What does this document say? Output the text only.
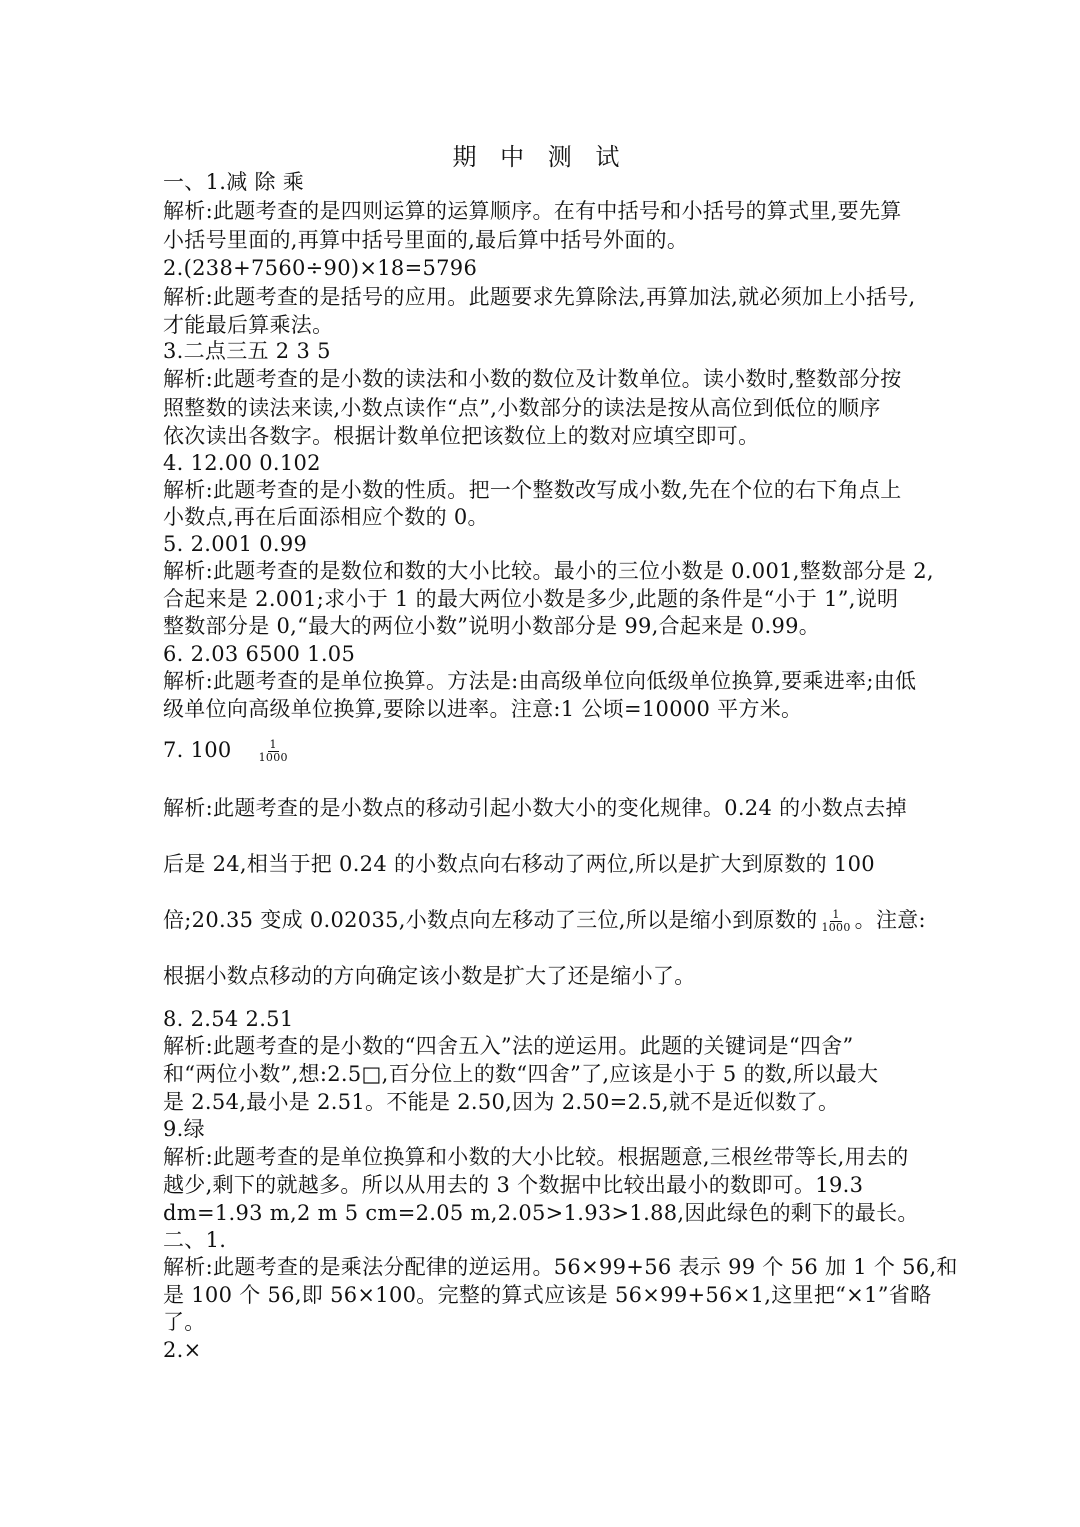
期 中 测 试
一、1.减 除 乘
解析:此题考查的是四则运算的运算顺序。在有中括号和小括号的算式里,要先算
小括号里面的,再算中括号里面的,最后算中括号外面的。
2.(238+7560÷90)×18=5796
解析:此题考查的是括号的应用。此题要求先算除法,再算加法,就必须加上小括号,
才能最后算乘法。
3.二点三五 2 3 5
解析:此题考查的是小数的读法和小数的数位及计数单位。读小数时,整数部分按
照整数的读法来读,小数点读作“点”,小数部分的读法是按从高位到低位的顺序
依次读出各数字。根据计数单位把该数位上的数对应填空即可。
4. 12.00 0.102
解析:此题考查的是小数的性质。把一个整数改写成小数,先在个位的右下角点上
小数点,再在后面添相应个数的 0。
5. 2.001 0.99
解析:此题考查的是数位和数的大小比较。最小的三位小数是 0.001,整数部分是 2,
合起来是 2.001;求小于 1 的最大两位小数是多少,此题的条件是“小于 1”,说明
整数部分是 0,“最大的两位小数”说明小数部分是 99,合起来是 0.99。
6. 2.03 6500 1.05
解析:此题考查的是单位换算。方法是:由高级单位向低级单位换算,要乘进率;由低
级单位向高级单位换算,要除以进率。注意:1 公顷=10000 平方米。
7. $100 \frac{1}{1000}$
解析:此题考查的是小数点的移动引起小数大小的变化规律。0.24 的小数点去掉
后是 24,相当于把 0.24 的小数点向右移动了两位,所以是扩大到原数的 100
倍;20.35 变成 0.02035,小数点向左移动了三位,所以是缩小到原数的 $\frac{1}{1000}$ 。注意:
根据小数点移动的方向确定该小数是扩大了还是缩小了。
8. 2.54 2.51
解析:此题考查的是小数的“四舍五入”法的逆运用。此题的关键词是“四舍”
和“两位小数”,想:2.5□,百分位上的数“四舍”了,应该是小于 5 的数,所以最大
是 2.54,最小是 2.51。不能是 2.50,因为 2.50=2.5,就不是近似数了。
9.绿
解析:此题考查的是单位换算和小数的大小比较。根据题意,三根丝带等长,用去的
越少,剩下的就越多。所以从用去的 3 个数据中比较出最小的数即可。19.3
dm=1.93 m,2 m 5 cm=2.05 m,2.05>1.93>1.88,因此绿色的剩下的最长。
二、1.
解析:此题考查的是乘法分配律的逆运用。56×99+56 表示 99 个 56 加 1 个 56,和
是 100 个 56,即 56×100。完整的算式应该是 56×99+56×1,这里把“×1”省略
了。
2.×
